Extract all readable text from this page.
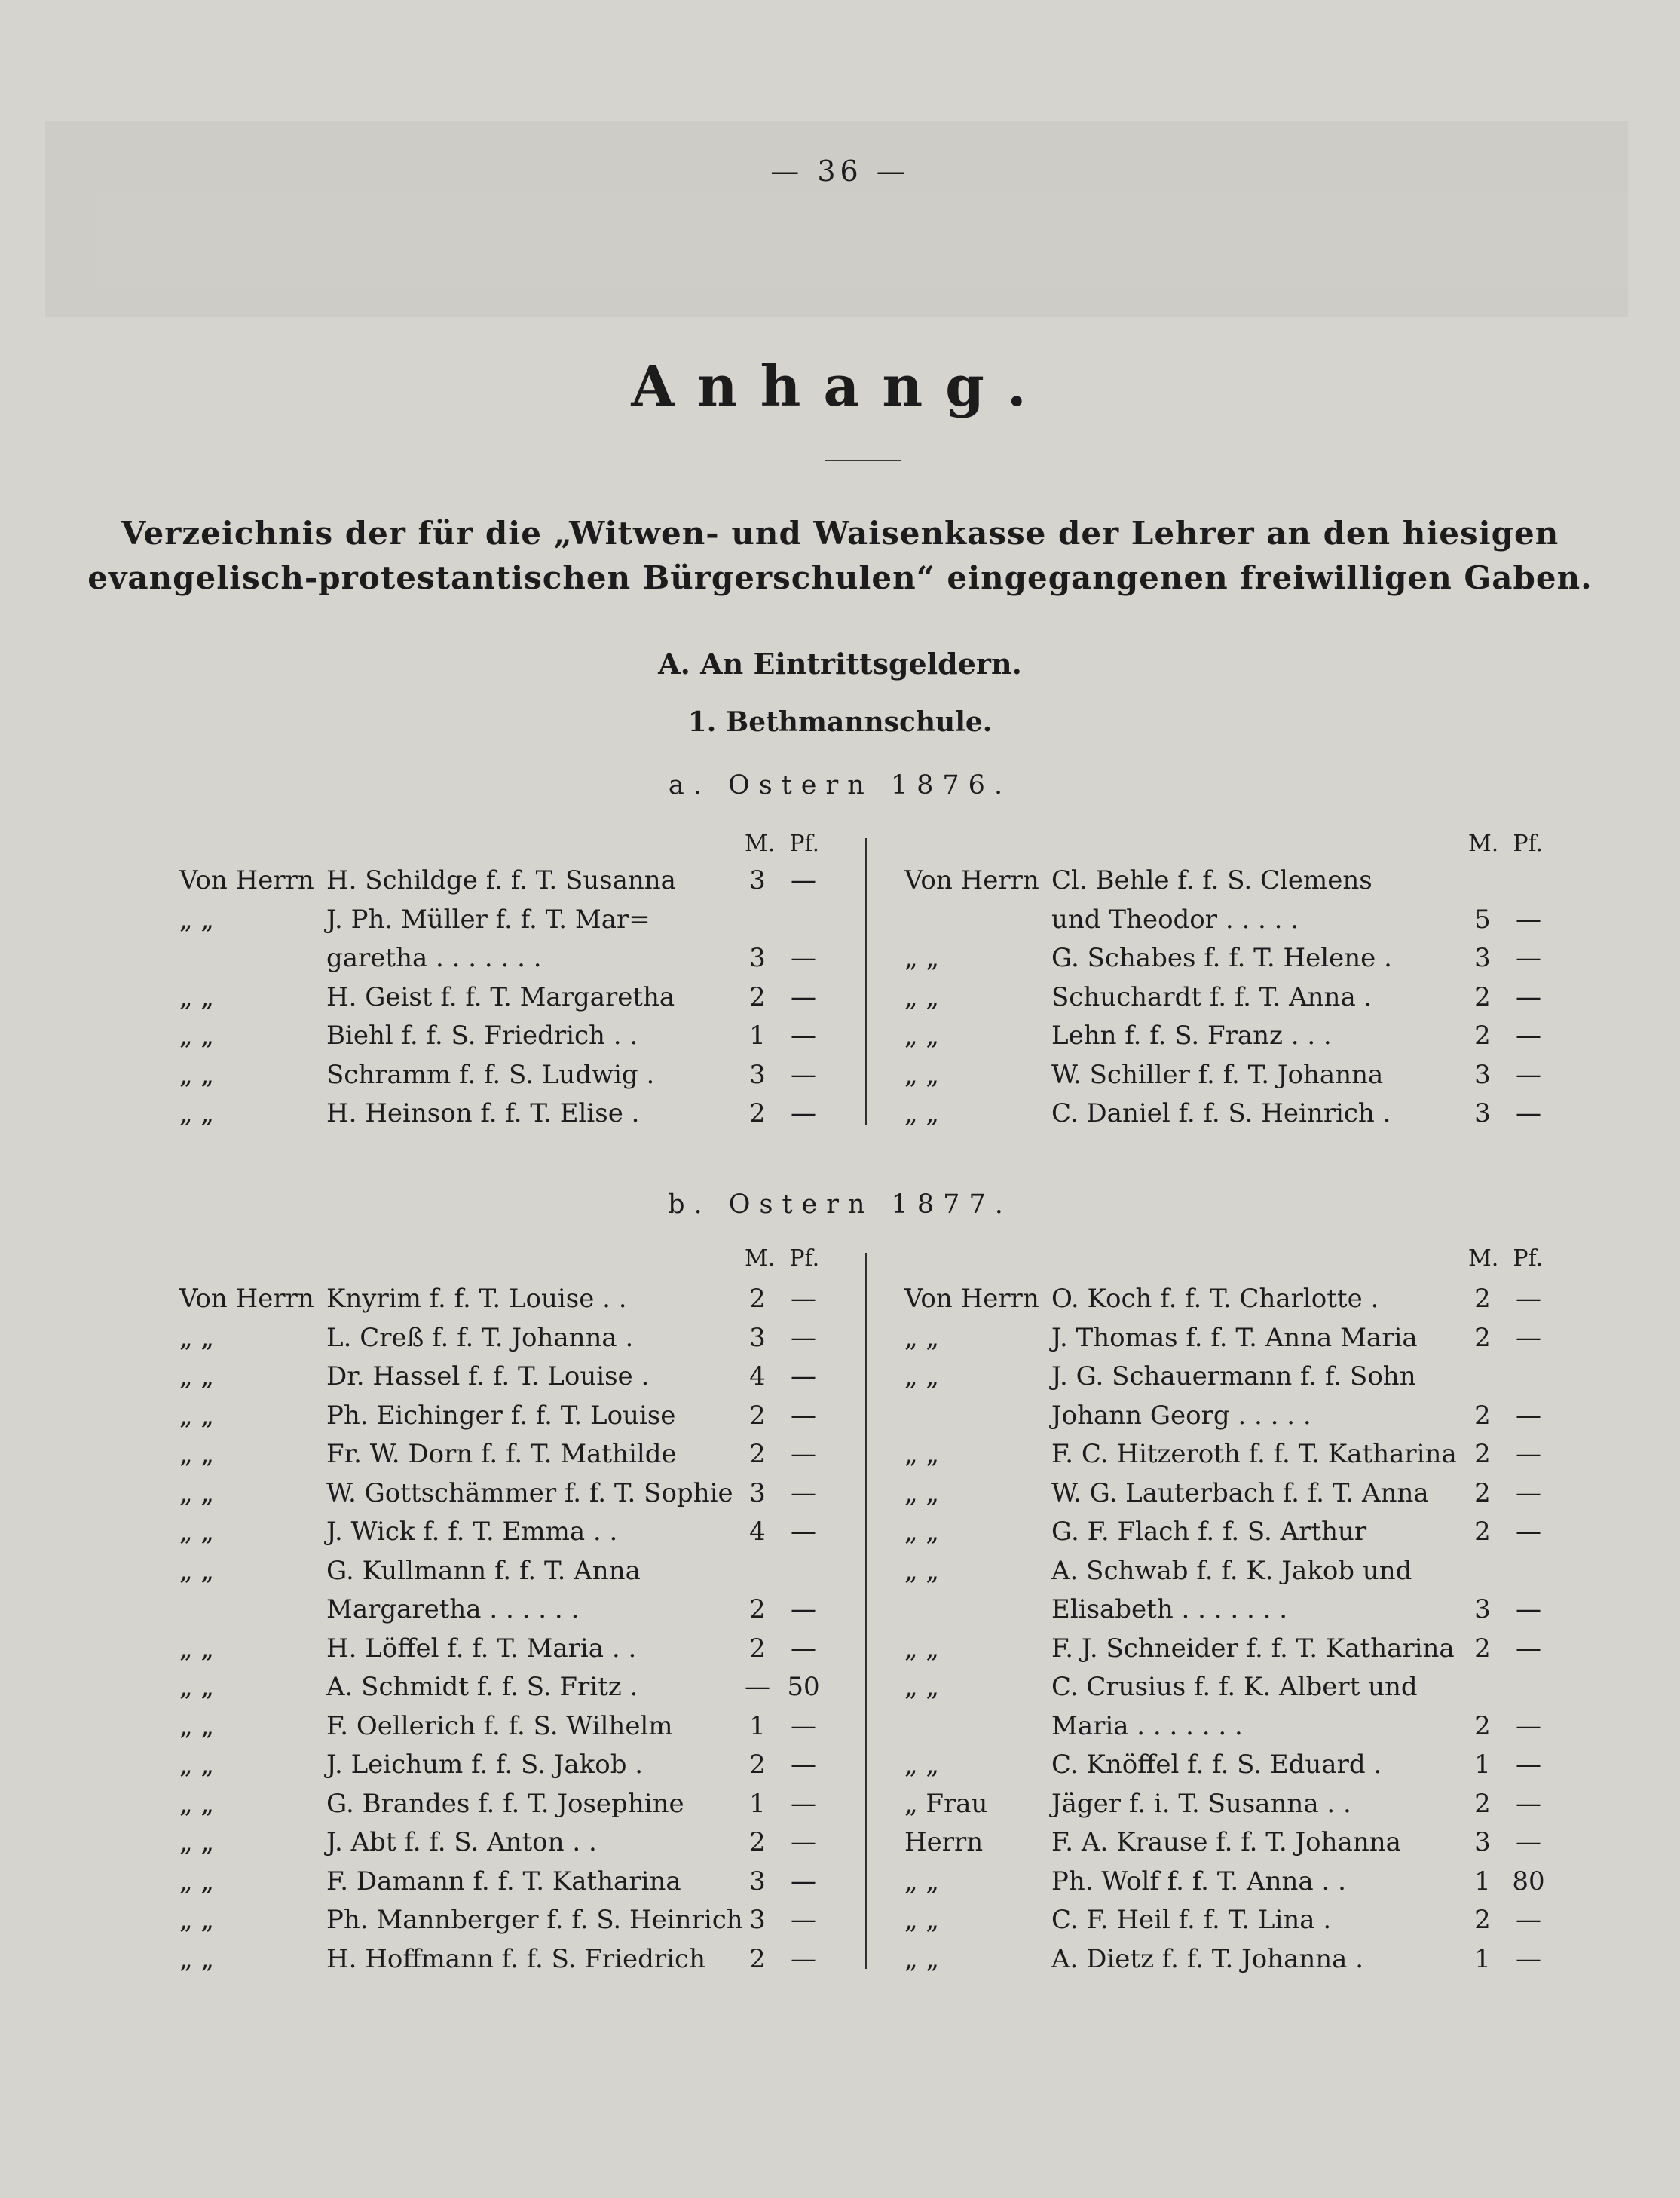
— 36 —
Anhang.
Verzeichnis der für die „Witwen- und Waisenkasse der Lehrer an den hiesigen
evangelisch-protestantischen Bürgerschulen“ eingegangenen freiwilligen Gaben.
A. An Eintrittsgeldern.
1. Bethmannschule.
a. Ostern 1876.
M. Pf.	M. Pf.
Von Herrn H. Schildge f. f. T. Susanna	3 —
„ „	J. Ph. Müller f. f. T. Mar=
garetha . . . . . . .	3 —
„ „	H. Geist f. f. T. Margaretha	2 —
„ „	Biehl f. f. S. Friedrich . .	1 —
„ „	Schramm f. f. S. Ludwig .	3 —
„ „	H. Heinson f. f. T. Elise .	2 —
Von Herrn Cl. Behle f. f. S. Clemens
und Theodor . . . . .	5 —
„ „	G. Schabes f. f. T. Helene .	3 —
„ „	Schuchardt f. f. T. Anna .	2 —
„ „	Lehn f. f. S. Franz . . .	2 —
„ „	W. Schiller f. f. T. Johanna	3 —
„ „	C. Daniel f. f. S. Heinrich .	3 —
b. Ostern 1877.
M. Pf.	M. Pf.
Von Herrn Knyrim f. f. T. Louise . .	2 —
„ „	L. Creß f. f. T. Johanna .	3 —
„ „	Dr. Hassel f. f. T. Louise .	4 —
„ „	Ph. Eichinger f. f. T. Louise	2 —
„ „	Fr. W. Dorn f. f. T. Mathilde	2 —
„ „	W. Gottschämmer f. f. T. Sophie 3 —
„ „	J. Wick f. f. T. Emma . .	4 —
„ „	G. Kullmann f. f. T. Anna
Margaretha . . . . . .	2 —
„ „	H. Löffel f. f. T. Maria . .	2 —
„ „	A. Schmidt f. f. S. Fritz .	— 50
„ „	F. Oellerich f. f. S. Wilhelm	1 —
„ „	J. Leichum f. f. S. Jakob .	2 —
„ „	G. Brandes f. f. T. Josephine	1 —
„ „	J. Abt f. f. S. Anton . .	2 —
„ „	F. Damann f. f. T. Katharina	3 —
„ „	Ph. Mannberger f. f. S. Heinrich 3 —
„ „	H. Hoffmann f. f. S. Friedrich	2 —
Von Herrn O. Koch f. f. T. Charlotte .	2 —
„ „	J. Thomas f. f. T. Anna Maria	2 —
„ „	J. G. Schauermann f. f. Sohn
Johann Georg . . . . .	2 —
„ „	F. C. Hitzeroth f. f. T. Katharina 2 —
„ „	W. G. Lauterbach f. f. T. Anna	2 —
„ „	G. F. Flach f. f. S. Arthur	2 —
„ „	A. Schwab f. f. K. Jakob und
Elisabeth . . . . . . .	3 —
„ „	F. J. Schneider f. f. T. Katharina 2 —
„ „	C. Crusius f. f. K. Albert und
Maria . . . . . . .	2 —
„ „	C. Knöffel f. f. S. Eduard .	1 —
„ Frau Jäger f. i. T. Susanna . .	2 —
Herrn	F. A. Krause f. f. T. Johanna	3 —
„ „	Ph. Wolf f. f. T. Anna . .	1 80
„ „	C. F. Heil f. f. T. Lina .	2 —
„ „	A. Dietz f. f. T. Johanna .	1 —
